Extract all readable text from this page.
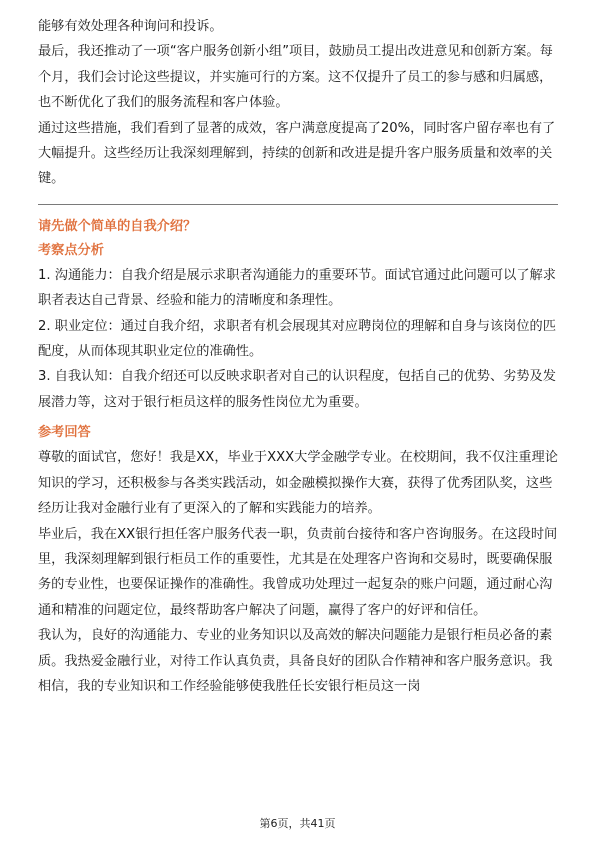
能够有效处理各种询问和投诉。

最后，我还推动了一项“客户服务创新小组”项目，鼓励员工提出改进意见和创新方案。每个月，我们会讨论这些提议，并实施可行的方案。这不仅提升了员工的参与感和归属感，也不断优化了我们的服务流程和客户体验。

通过这些措施，我们看到了显著的成效，客户满意度提高了20%，同时客户留存率也有了大幅提升。这些经历让我深刻理解到，持续的创新和改进是提升客户服务质量和效率的关键。

请先做个简单的自我介绍？

考察点分析

1. 沟通能力：自我介绍是展示求职者沟通能力的重要环节。面试官通过此问题可以了解求职者表达自己背景、经验和能力的清晰度和条理性。

2. 职业定位：通过自我介绍，求职者有机会展现其对应聘岗位的理解和自身与该岗位的匹配度，从而体现其职业定位的准确性。

3. 自我认知：自我介绍还可以反映求职者对自己的认识程度，包括自己的优势、劣势及发展潜力等，这对于银行柜员这样的服务性岗位尤为重要。

参考回答

尊敬的面试官，您好！我是XX，毕业于XXX大学金融学专业。在校期间，我不仅注重理论知识的学习，还积极参与各类实践活动，如金融模拟操作大赛，获得了优秀团队奖，这些经历让我对金融行业有了更深入的了解和实践能力的培养。

毕业后，我在XX银行担任客户服务代表一职，负责前台接待和客户咨询服务。在这段时间里，我深刻理解到银行柜员工作的重要性，尤其是在处理客户咨询和交易时，既要确保服务的专业性，也要保证操作的准确性。我曾成功处理过一起复杂的账户问题，通过耐心沟通和精准的问题定位，最终帮助客户解决了问题，赢得了客户的好评和信任。

我认为，良好的沟通能力、专业的业务知识以及高效的解决问题能力是银行柜员必备的素质。我热爱金融行业，对待工作认真负责，具备良好的团队合作精神和客户服务意识。我相信，我的专业知识和工作经验能够使我胜任长安银行柜员这一岗

第6页，共41页
